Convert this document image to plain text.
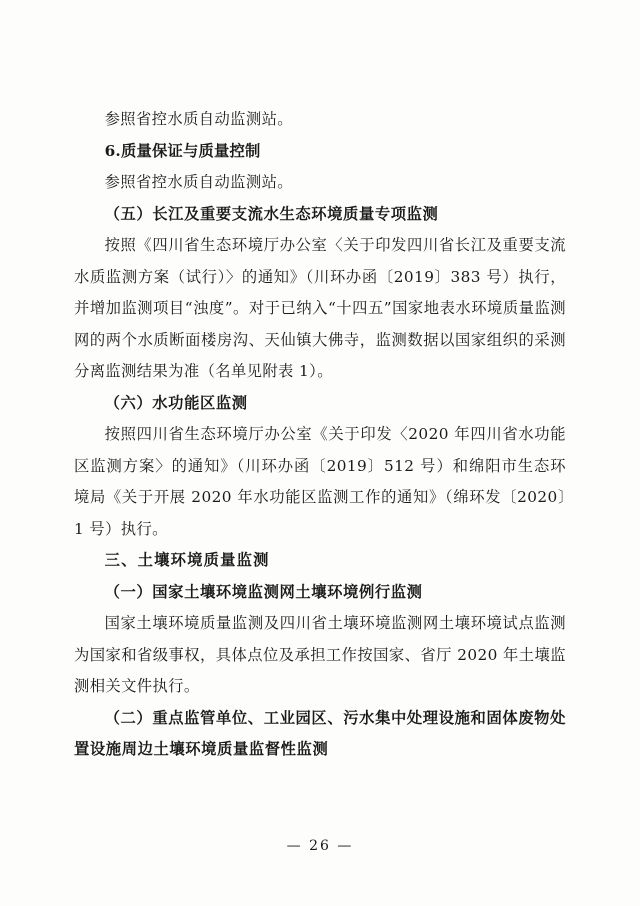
参照省控水质自动监测站。

6.质量保证与质量控制

参照省控水质自动监测站。

（五）长江及重要支流水生态环境质量专项监测

按照《四川省生态环境厅办公室〈关于印发四川省长江及重要支流水质监测方案（试行）〉的通知》（川环办函〔2019〕383 号）执行，并增加监测项目“浊度”。对于已纳入“十四五”国家地表水环境质量监测网的两个水质断面楼房沟、天仙镇大佛寺，监测数据以国家组织的采测分离监测结果为准（名单见附表 1）。

（六）水功能区监测

按照四川省生态环境厅办公室《关于印发〈2020 年四川省水功能区监测方案〉的通知》（川环办函〔2019〕512 号）和绵阳市生态环境局《关于开展 2020 年水功能区监测工作的通知》（绵环发〔2020〕1 号）执行。

三、土壤环境质量监测

（一）国家土壤环境监测网土壤环境例行监测

国家土壤环境质量监测及四川省土壤环境监测网土壤环境试点监测为国家和省级事权，具体点位及承担工作按国家、省厅 2020 年土壤监测相关文件执行。

（二）重点监管单位、工业园区、污水集中处理设施和固体废物处置设施周边土壤环境质量监督性监测

— 26 —
